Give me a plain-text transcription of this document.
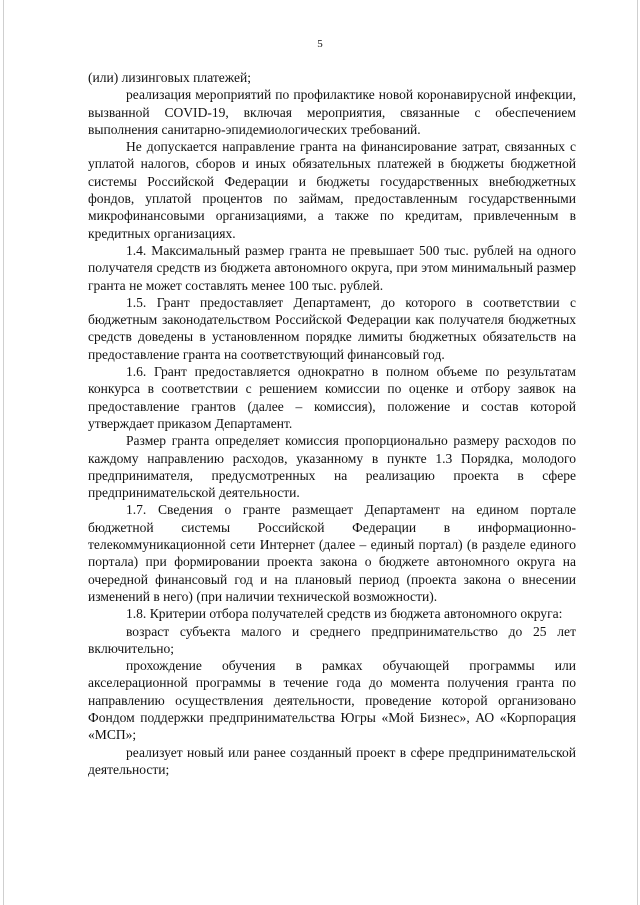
5

(или) лизинговых платежей;

реализация мероприятий по профилактике новой коронавирусной инфекции, вызванной COVID-19, включая мероприятия, связанные с обеспечением выполнения санитарно-эпидемиологических требований.

Не допускается направление гранта на финансирование затрат, связанных с уплатой налогов, сборов и иных обязательных платежей в бюджеты бюджетной системы Российской Федерации и бюджеты государственных внебюджетных фондов, уплатой процентов по займам, предоставленным государственными микрофинансовыми организациями, а также по кредитам, привлеченным в кредитных организациях.

1.4. Максимальный размер гранта не превышает 500 тыс. рублей на одного получателя средств из бюджета автономного округа, при этом минимальный размер гранта не может составлять менее 100 тыс. рублей.

1.5. Грант предоставляет Департамент, до которого в соответствии с бюджетным законодательством Российской Федерации как получателя бюджетных средств доведены в установленном порядке лимиты бюджетных обязательств на предоставление гранта на соответствующий финансовый год.

1.6. Грант предоставляется однократно в полном объеме по результатам конкурса в соответствии с решением комиссии по оценке и отбору заявок на предоставление грантов (далее – комиссия), положение и состав которой утверждает приказом Департамент.

Размер гранта определяет комиссия пропорционально размеру расходов по каждому направлению расходов, указанному в пункте 1.3 Порядка, молодого предпринимателя, предусмотренных на реализацию проекта в сфере предпринимательской деятельности.

1.7. Сведения о гранте размещает Департамент на едином портале бюджетной системы Российской Федерации в информационно-телекоммуникационной сети Интернет (далее – единый портал) (в разделе единого портала) при формировании проекта закона о бюджете автономного округа на очередной финансовый год и на плановый период (проекта закона о внесении изменений в него) (при наличии технической возможности).

1.8. Критерии отбора получателей средств из бюджета автономного округа:

возраст субъекта малого и среднего предпринимательство до 25 лет включительно;

прохождение обучения в рамках обучающей программы или акселерационной программы в течение года до момента получения гранта по направлению осуществления деятельности, проведение которой организовано Фондом поддержки предпринимательства Югры «Мой Бизнес», АО «Корпорация «МСП»;

реализует новый или ранее созданный проект в сфере предпринимательской деятельности;
